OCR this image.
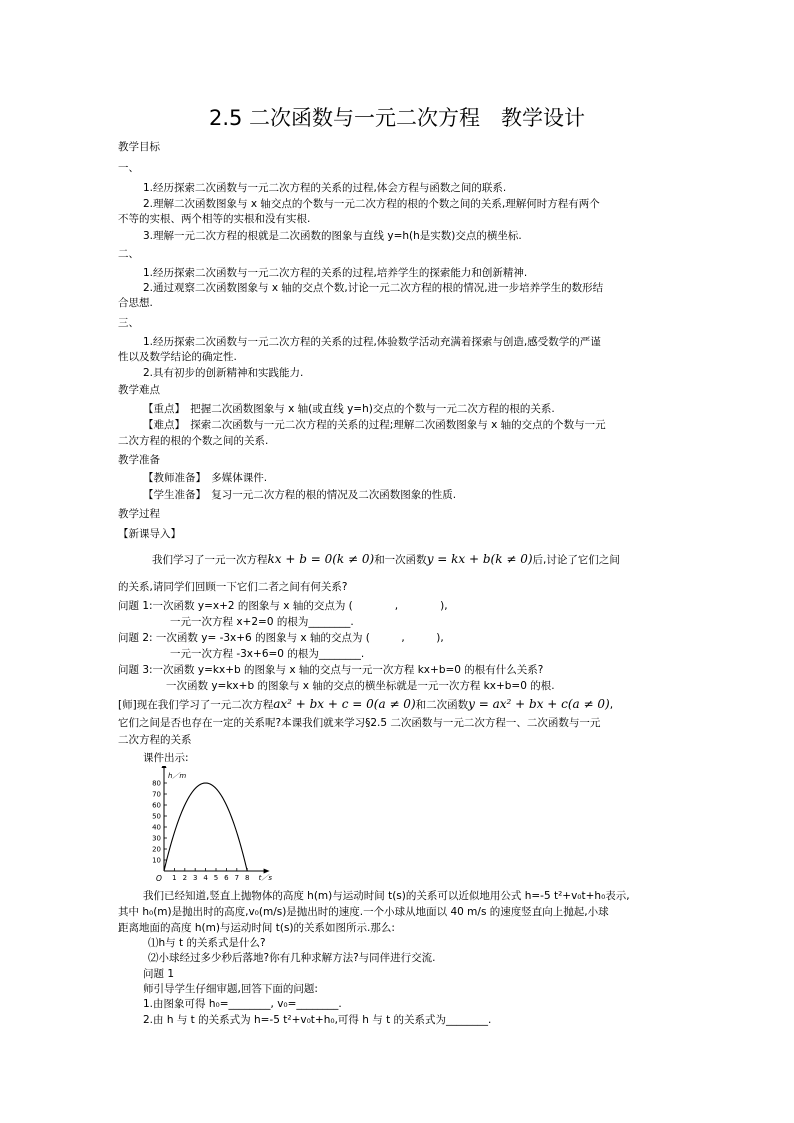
2.5 二次函数与一元二次方程　教学设计
教学目标
一、
1.经历探索二次函数与一元二次方程的关系的过程,体会方程与函数之间的联系.
2.理解二次函数图象与 x 轴交点的个数与一元二次方程的根的个数之间的关系,理解何时方程有两个
不等的实根、两个相等的实根和没有实根.
3.理解一元二次方程的根就是二次函数的图象与直线 y=h(h是实数)交点的横坐标.
二、
1.经历探索二次函数与一元二次方程的关系的过程,培养学生的探索能力和创新精神.
2.通过观察二次函数图象与 x 轴的交点个数,讨论一元二次方程的根的情况,进一步培养学生的数形结
合思想.
三、
1.经历探索二次函数与一元二次方程的关系的过程,体验数学活动充满着探索与创造,感受数学的严谨
性以及数学结论的确定性.
2.具有初步的创新精神和实践能力.
教学难点
【重点】　把握二次函数图象与 x 轴(或直线 y=h)交点的个数与一元二次方程的根的关系.
【难点】　探索二次函数与一元二次方程的关系的过程;理解二次函数图象与 x 轴的交点的个数与一元
二次方程的根的个数之间的关系.
教学准备
【教师准备】　多媒体课件.
【学生准备】　复习一元二次方程的根的情况及二次函数图象的性质.
教学过程
【新课导入】
我们学习了一元一次方程kx + b = 0(k ≠ 0)和一次函数y = kx + b(k ≠ 0)后,讨论了它们之间
的关系,请同学们回顾一下它们二者之间有何关系?
问题 1:一次函数 y=x+2 的图象与 x 轴的交点为 (　　　　,　　　　),
一元一次方程 x+2=0 的根为________.
问题 2: 一次函数 y= -3x+6 的图象与 x 轴的交点为 (　　　,　　　),
一元一次方程 -3x+6=0 的根为________.
问题 3:一次函数 y=kx+b 的图象与 x 轴的交点与一元一次方程 kx+b=0 的根有什么关系?
一次函数 y=kx+b 的图象与 x 轴的交点的横坐标就是一元一次方程 kx+b=0 的根.
[师]现在我们学习了一元二次方程ax² + bx + c = 0(a ≠ 0)和二次函数y = ax² + bx + c(a ≠ 0),
它们之间是否也存在一定的关系呢?本课我们就来学习§2.5 二次函数与一元二次方程一、二次函数与一元
二次方程的关系
课件出示:
10
20
30
40
50
60
70
80
1 2 3 4 5 6 7 8
O
h／m
t／s
我们已经知道,竖直上抛物体的高度 h(m)与运动时间 t(s)的关系可以近似地用公式 h=-5 t²+v₀t+h₀表示,
其中 h₀(m)是抛出时的高度,v₀(m/s)是抛出时的速度.一个小球从地面以 40 m/s 的速度竖直向上抛起,小球
距离地面的高度 h(m)与运动时间 t(s)的关系如图所示.那么:
⑴h与 t 的关系式是什么?
⑵小球经过多少秒后落地?你有几种求解方法?与同伴进行交流.
问题 1
师引导学生仔细审题,回答下面的问题:
1.由图象可得 h₀=________, v₀=________.
2.由 h 与 t 的关系式为 h=-5 t²+v₀t+h₀,可得 h 与 t 的关系式为________.
